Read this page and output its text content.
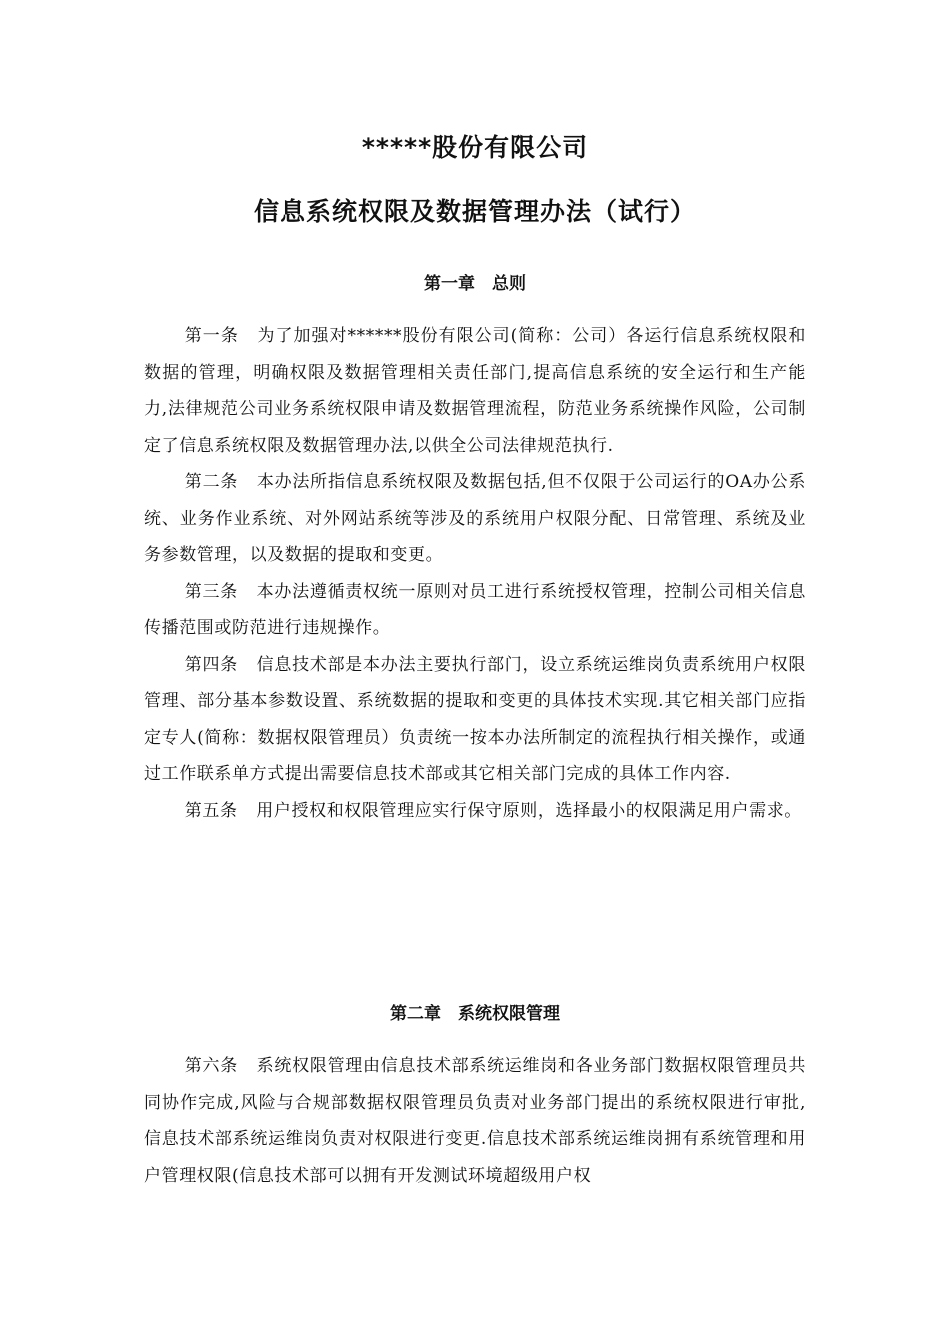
*****股份有限公司
信息系统权限及数据管理办法（试行）
第一章　总则

第一条 为了加强对******股份有限公司(简称：公司）各运行信息系统权限和数据的管理，明确权限及数据管理相关责任部门,提高信息系统的安全运行和生产能力,法律规范公司业务系统权限申请及数据管理流程，防范业务系统操作风险，公司制定了信息系统权限及数据管理办法,以供全公司法律规范执行.

第二条 本办法所指信息系统权限及数据包括,但不仅限于公司运行的OA办公系统、业务作业系统、对外网站系统等涉及的系统用户权限分配、日常管理、系统及业务参数管理，以及数据的提取和变更。

第三条 本办法遵循责权统一原则对员工进行系统授权管理，控制公司相关信息传播范围或防范进行违规操作。

第四条 信息技术部是本办法主要执行部门，设立系统运维岗负责系统用户权限管理、部分基本参数设置、系统数据的提取和变更的具体技术实现.其它相关部门应指定专人(简称：数据权限管理员）负责统一按本办法所制定的流程执行相关操作，或通过工作联系单方式提出需要信息技术部或其它相关部门完成的具体工作内容.

第五条 用户授权和权限管理应实行保守原则，选择最小的权限满足用户需求。

第二章　系统权限管理

第六条 系统权限管理由信息技术部系统运维岗和各业务部门数据权限管理员共同协作完成,风险与合规部数据权限管理员负责对业务部门提出的系统权限进行审批,信息技术部系统运维岗负责对权限进行变更.信息技术部系统运维岗拥有系统管理和用户管理权限(信息技术部可以拥有开发测试环境超级用户权
